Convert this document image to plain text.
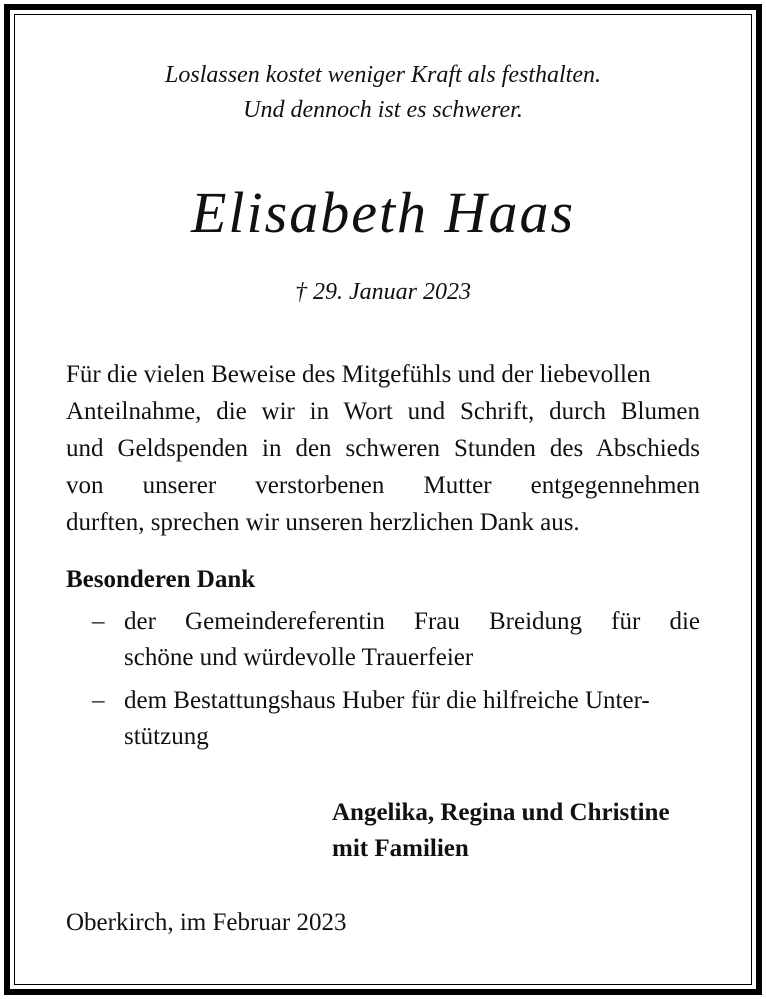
Loslassen kostet weniger Kraft als festhalten.
Und dennoch ist es schwerer.
Elisabeth Haas
† 29. Januar 2023
Für die vielen Beweise des Mitgefühls und der liebevollen
Anteilnahme, die wir in Wort und Schrift, durch Blumen
und Geldspenden in den schweren Stunden des Abschieds
von unserer verstorbenen Mutter entgegennehmen
durften, sprechen wir unseren herzlichen Dank aus.
Besonderen Dank
– der Gemeindereferentin Frau Breidung für die
schöne und würdevolle Trauerfeier
– dem Bestattungshaus Huber für die hilfreiche Unter-
stützung
Angelika, Regina und Christine
mit Familien
Oberkirch, im Februar 2023
